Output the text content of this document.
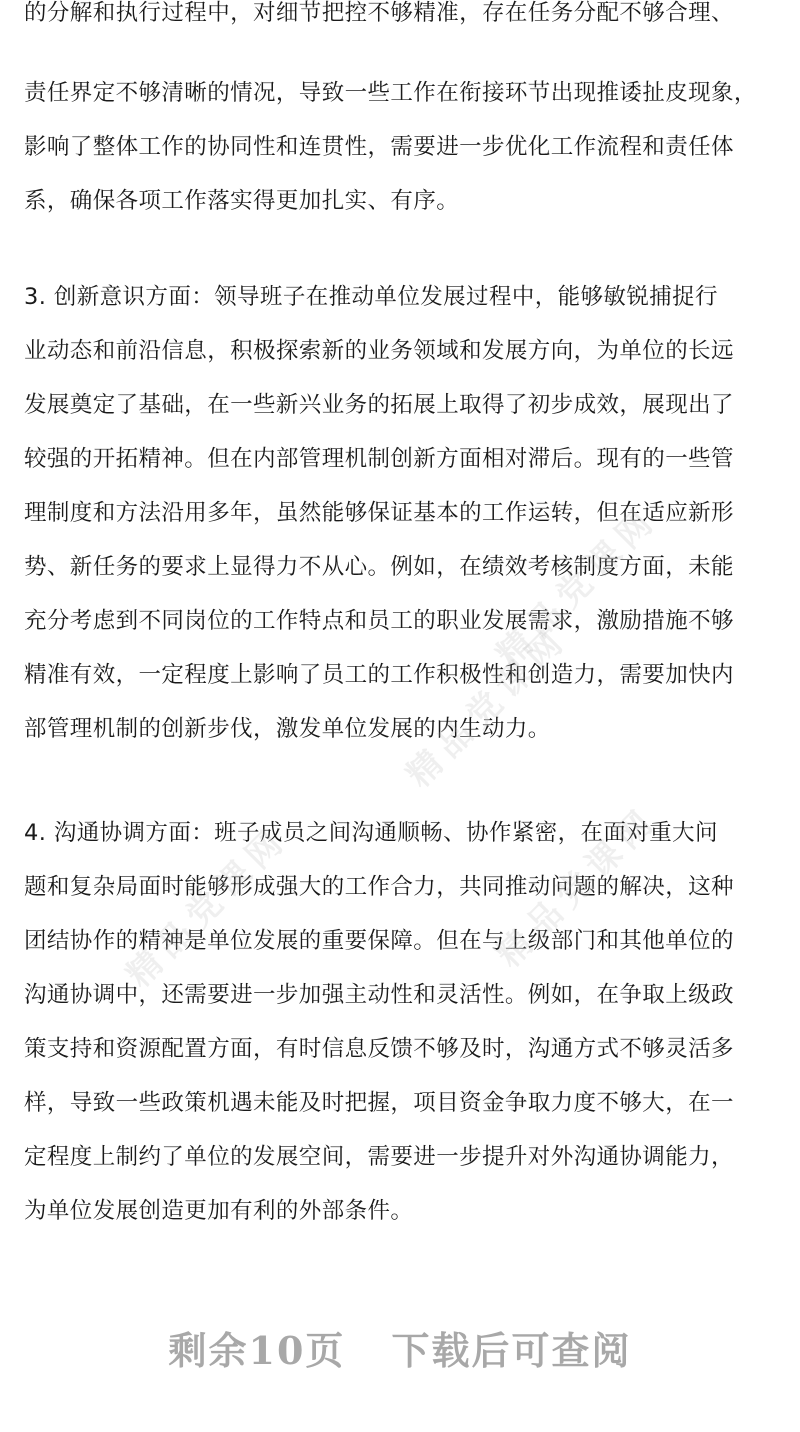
的分解和执行过程中，对细节把控不够精准，存在任务分配不够合理、

责任界定不够清晰的情况，导致一些工作在衔接环节出现推诿扯皮现象，
影响了整体工作的协同性和连贯性，需要进一步优化工作流程和责任体
系，确保各项工作落实得更加扎实、有序。

3. 创新意识方面：领导班子在推动单位发展过程中，能够敏锐捕捉行
业动态和前沿信息，积极探索新的业务领域和发展方向，为单位的长远
发展奠定了基础，在一些新兴业务的拓展上取得了初步成效，展现出了
较强的开拓精神。但在内部管理机制创新方面相对滞后。现有的一些管
理制度和方法沿用多年，虽然能够保证基本的工作运转，但在适应新形
势、新任务的要求上显得力不从心。例如，在绩效考核制度方面，未能
充分考虑到不同岗位的工作特点和员工的职业发展需求，激励措施不够
精准有效，一定程度上影响了员工的工作积极性和创造力，需要加快内
部管理机制的创新步伐，激发单位发展的内生动力。

4. 沟通协调方面：班子成员之间沟通顺畅、协作紧密，在面对重大问
题和复杂局面时能够形成强大的工作合力，共同推动问题的解决，这种
团结协作的精神是单位发展的重要保障。但在与上级部门和其他单位的
沟通协调中，还需要进一步加强主动性和灵活性。例如，在争取上级政
策支持和资源配置方面，有时信息反馈不够及时，沟通方式不够灵活多
样，导致一些政策机遇未能及时把握，项目资金争取力度不够大，在一
定程度上制约了单位的发展空间，需要进一步提升对外沟通协调能力，
为单位发展创造更加有利的外部条件。

精品党课网
精品党课网
精品党课网	精品党课网
剩余10页 下载后可查阅
